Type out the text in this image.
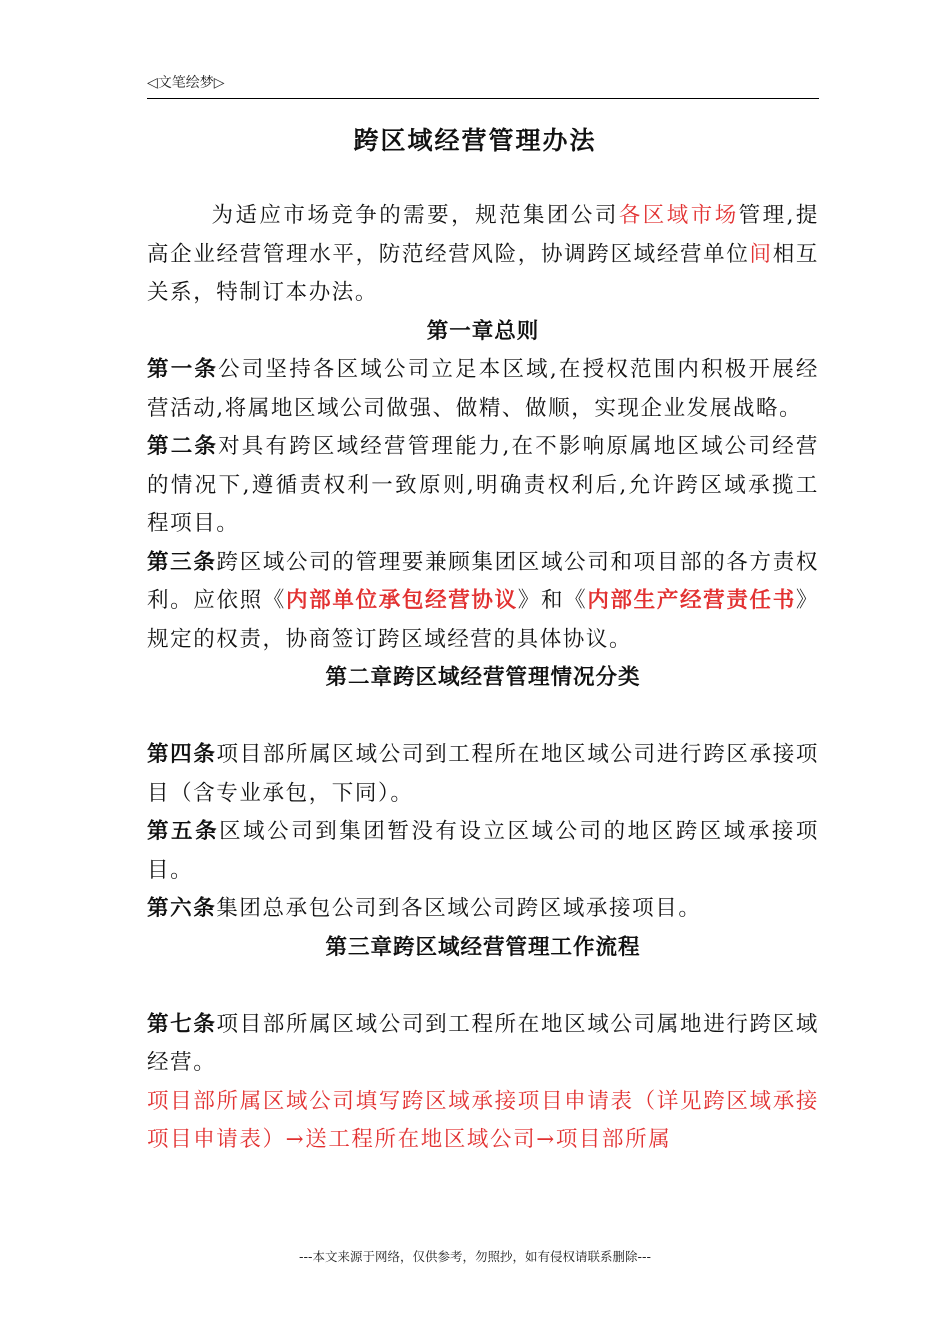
◁文笔绘梦▷
跨区域经营管理办法

为适应市场竞争的需要，规范集团公司各区域市场管理,提高企业经营管理水平，防范经营风险，协调跨区域经营单位间相互关系，特制订本办法。

第一章总则

第一条公司坚持各区域公司立足本区域,在授权范围内积极开展经营活动,将属地区域公司做强、做精、做顺，实现企业发展战略。

第二条对具有跨区域经营管理能力,在不影响原属地区域公司经营的情况下,遵循责权利一致原则,明确责权利后,允许跨区域承揽工程项目。

第三条跨区域公司的管理要兼顾集团区域公司和项目部的各方责权利。应依照《内部单位承包经营协议》和《内部生产经营责任书》规定的权责，协商签订跨区域经营的具体协议。

第二章跨区域经营管理情况分类

第四条项目部所属区域公司到工程所在地区域公司进行跨区承接项目（含专业承包，下同）。

第五条区域公司到集团暂没有设立区域公司的地区跨区域承接项目。

第六条集团总承包公司到各区域公司跨区域承接项目。

第三章跨区域经营管理工作流程

第七条项目部所属区域公司到工程所在地区域公司属地进行跨区域经营。

项目部所属区域公司填写跨区域承接项目申请表（详见跨区域承接项目申请表）→送工程所在地区域公司→项目部所属

---本文来源于网络，仅供参考，勿照抄，如有侵权请联系删除---
